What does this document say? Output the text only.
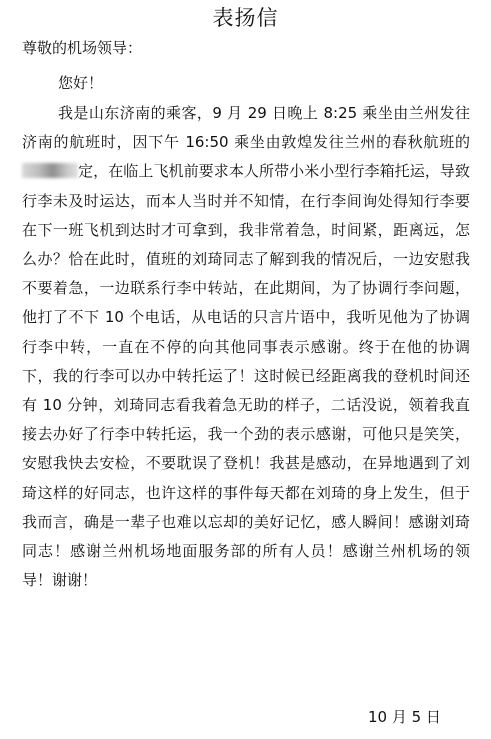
表扬信
尊敬的机场领导：
您好！

我是山东济南的乘客，9 月 29 日晚上 8:25 乘坐由兰州发往济南的航班时，因下午 16:50 乘坐由敦煌发往兰州的春秋航班的定，在临上飞机前要求本人所带小米小型行李箱托运，导致行李未及时运达，而本人当时并不知情，在行李间询处得知行李要在下一班飞机到达时才可拿到，我非常着急，时间紧，距离远，怎么办？恰在此时，值班的刘琦同志了解到我的情况后，一边安慰我不要着急，一边联系行李中转站，在此期间，为了协调行李问题，他打了不下 10 个电话，从电话的只言片语中，我听见他为了协调行李中转，一直在不停的向其他同事表示感谢。终于在他的协调下，我的行李可以办中转托运了！这时候已经距离我的登机时间还有 10 分钟，刘琦同志看我着急无助的样子，二话没说，领着我直接去办好了行李中转托运，我一个劲的表示感谢，可他只是笑笑，安慰我快去安检，不要耽误了登机！我甚是感动，在异地遇到了刘琦这样的好同志，也许这样的事件每天都在刘琦的身上发生，但于我而言，确是一辈子也难以忘却的美好记忆，感人瞬间！感谢刘琦同志！感谢兰州机场地面服务部的所有人员！感谢兰州机场的领导！谢谢！

10 月 5 日
